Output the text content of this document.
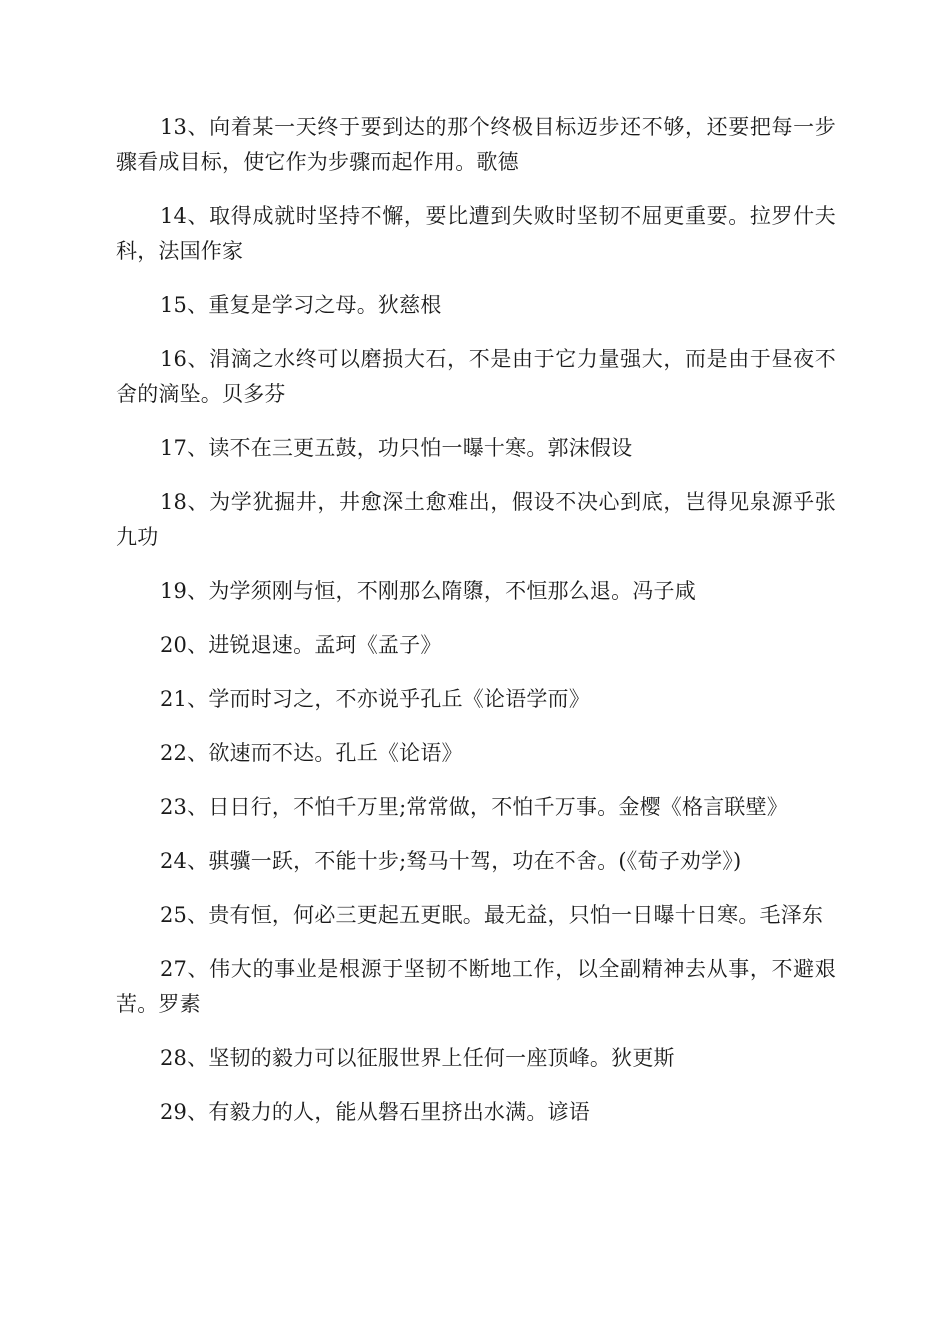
13、向着某一天终于要到达的那个终极目标迈步还不够，还要把每一步骤看成目标，使它作为步骤而起作用。歌德

14、取得成就时坚持不懈，要比遭到失败时坚韧不屈更重要。拉罗什夫科，法国作家

15、重复是学习之母。狄慈根

16、涓滴之水终可以磨损大石，不是由于它力量强大，而是由于昼夜不舍的滴坠。贝多芬

17、读不在三更五鼓，功只怕一曝十寒。郭沫假设

18、为学犹掘井，井愈深土愈难出，假设不决心到底，岂得见泉源乎张九功

19、为学须刚与恒，不刚那么隋隳，不恒那么退。冯子咸

20、进锐退速。孟珂《孟子》

21、学而时习之，不亦说乎孔丘《论语学而》

22、欲速而不达。孔丘《论语》

23、日日行，不怕千万里;常常做，不怕千万事。金樱《格言联壁》

24、骐骥一跃，不能十步;驽马十驾，功在不舍。(《荀子劝学》)

25、贵有恒，何必三更起五更眠。最无益，只怕一日曝十日寒。毛泽东

27、伟大的事业是根源于坚韧不断地工作，以全副精神去从事，不避艰苦。罗素

28、坚韧的毅力可以征服世界上任何一座顶峰。狄更斯

29、有毅力的人，能从磐石里挤出水满。谚语
